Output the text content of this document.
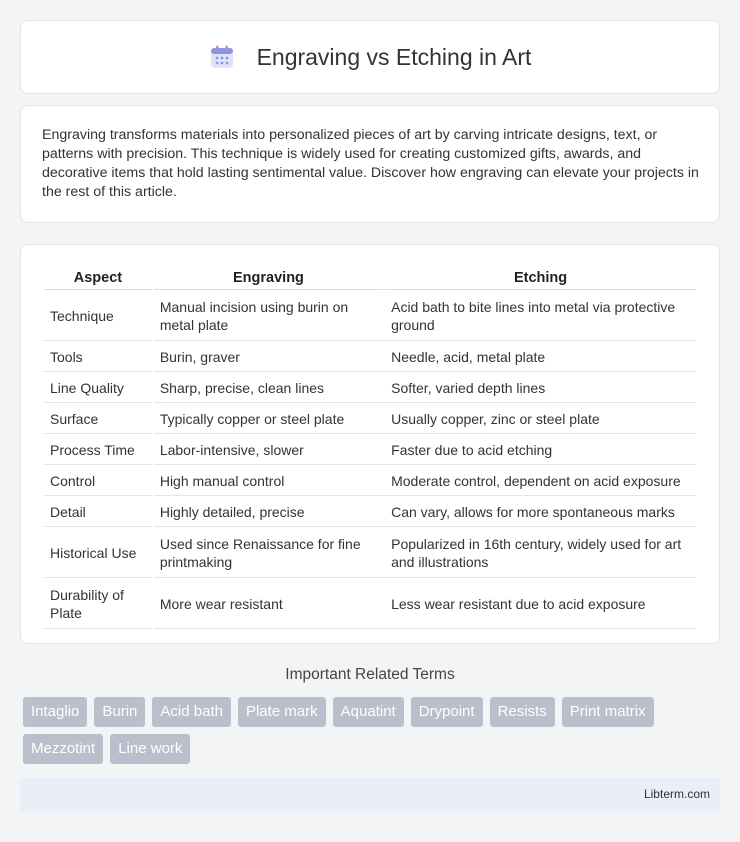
Engraving vs Etching in Art

Engraving transforms materials into personalized pieces of art by carving intricate designs, text, or patterns with precision. This technique is widely used for creating customized gifts, awards, and decorative items that hold lasting sentimental value. Discover how engraving can elevate your projects in the rest of this article.

Aspect	Engraving	Etching
Technique	Manual incision using burin on metal plate	Acid bath to bite lines into metal via protective ground
Tools	Burin, graver	Needle, acid, metal plate
Line Quality	Sharp, precise, clean lines	Softer, varied depth lines
Surface	Typically copper or steel plate	Usually copper, zinc or steel plate
Process Time	Labor-intensive, slower	Faster due to acid etching
Control	High manual control	Moderate control, dependent on acid exposure
Detail	Highly detailed, precise	Can vary, allows for more spontaneous marks
Historical Use	Used since Renaissance for fine printmaking	Popularized in 16th century, widely used for art and illustrations
Durability of Plate	More wear resistant	Less wear resistant due to acid exposure
Important Related Terms
Intaglio	Burin	Acid bath	Plate mark	Aquatint	Drypoint	Resists	Print matrix
Mezzotint	Line work
Libterm.com
